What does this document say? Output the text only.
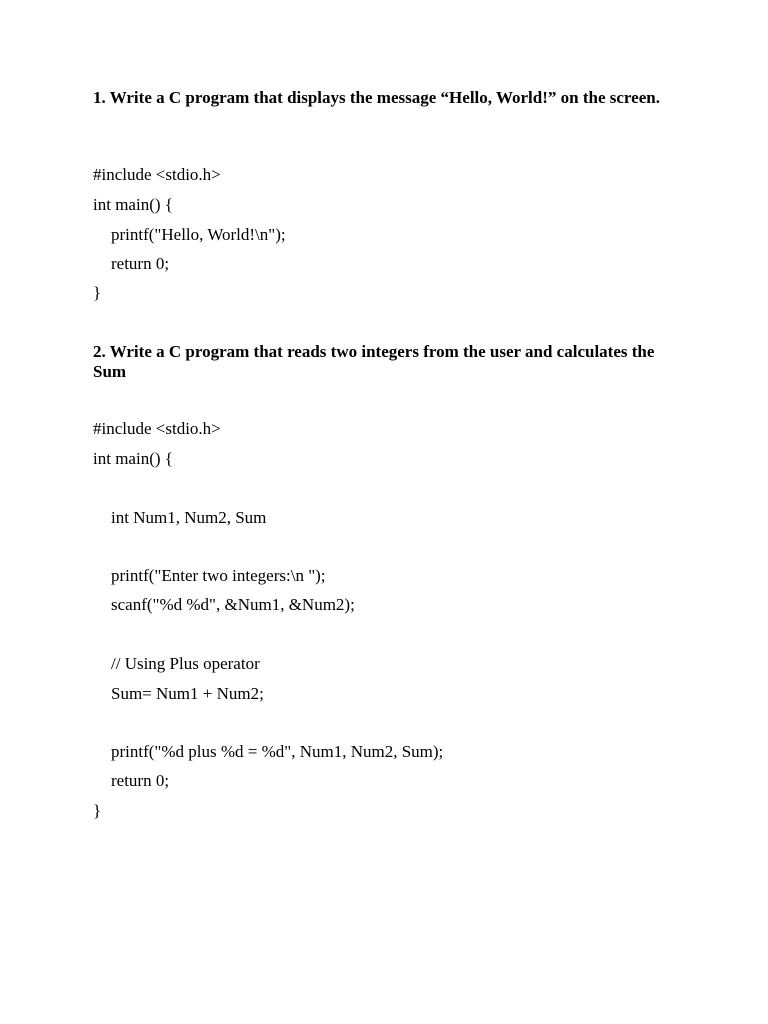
1. Write a C program that displays the message “Hello, World!” on the screen.
#include <stdio.h>
int main() {
printf("Hello, World!\n");
return 0;
}
2. Write a C program that reads two integers from the user and calculates the Sum
#include <stdio.h>
int main() {
int Num1, Num2, Sum
printf("Enter two integers:\n ");
scanf("%d %d", &Num1, &Num2);
// Using Plus operator
Sum= Num1 + Num2;
printf("%d plus %d = %d", Num1, Num2, Sum);
return 0;
}
